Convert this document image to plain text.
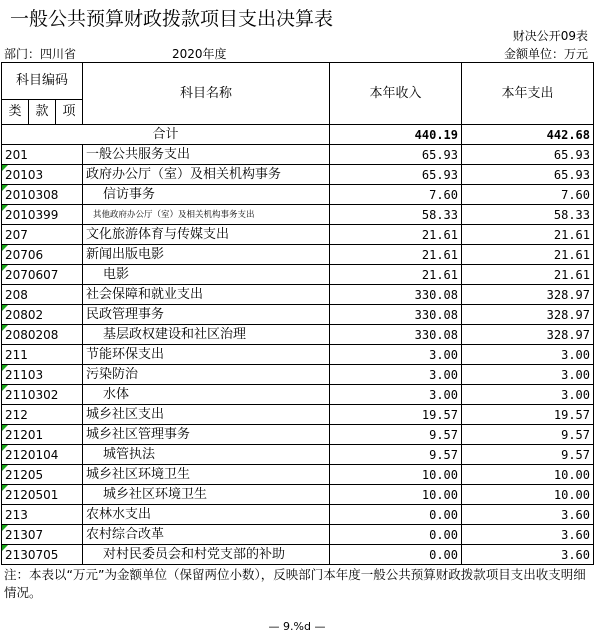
一般公共预算财政拨款项目支出决算表
财决公开09表
部门：四川省	2020年度	金额单位：万元
科目编码			科目名称	本年收入	本年支出
类	款	项			
合计				440.19	442.68
201			一般公共服务支出	65.93	65.93

20103			政府办公厅（室）及相关机构事务	65.93	65.93

2010308			信访事务	7.60	7.60

2010399			其他政府办公厅（室）及相关机构事务支出	58.33	58.33
207			文化旅游体育与传媒支出	21.61	21.61

20706			新闻出版电影	21.61	21.61

2070607			电影	21.61	21.61
208			社会保障和就业支出	330.08	328.97

20802			民政管理事务	330.08	328.97

2080208			基层政权建设和社区治理	330.08	328.97
211			节能环保支出	3.00	3.00

21103			污染防治	3.00	3.00

2110302			水体	3.00	3.00
212			城乡社区支出	19.57	19.57

21201			城乡社区管理事务	9.57	9.57

2120104			城管执法	9.57	9.57

21205			城乡社区环境卫生	10.00	10.00

2120501			城乡社区环境卫生	10.00	10.00
213			农林水支出	0.00	3.60

21307			农村综合改革	0.00	3.60

2130705			对村民委员会和村党支部的补助	0.00	3.60
注：本表以“万元”为金额单位（保留两位小数），反映部门本年度一般公共预算财政拨款项目支出收支明细情况。
— 9.%d —
